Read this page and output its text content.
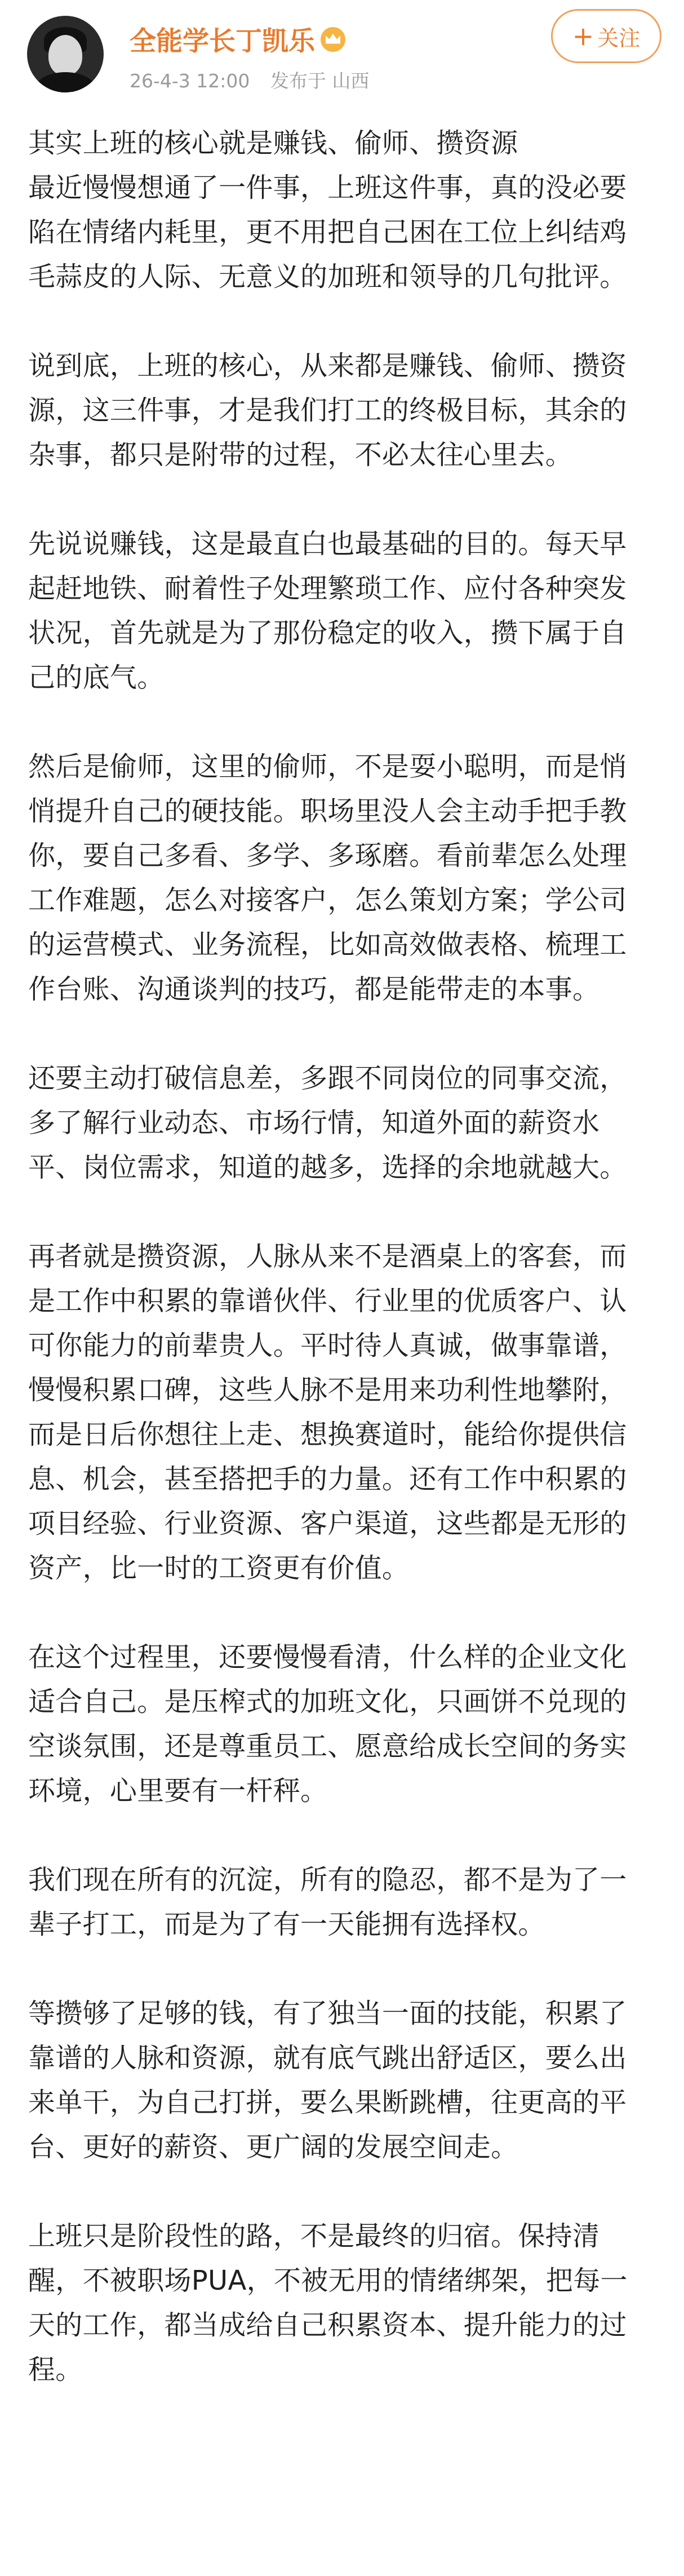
全能学长丁凯乐
26-4-3 12:00 发布于 山西
+ 关注

其实上班的核心就是赚钱、偷师、攒资源

最近慢慢想通了一件事，上班这件事，真的没必要陷在情绪内耗里，更不用把自己困在工位上纠结鸡毛蒜皮的人际、无意义的加班和领导的几句批评。

说到底，上班的核心，从来都是赚钱、偷师、攒资源，这三件事，才是我们打工的终极目标，其余的杂事，都只是附带的过程，不必太往心里去。

先说说赚钱，这是最直白也最基础的目的。每天早起赶地铁、耐着性子处理繁琐工作、应付各种突发状况，首先就是为了那份稳定的收入，攒下属于自己的底气。

然后是偷师，这里的偷师，不是耍小聪明，而是悄悄提升自己的硬技能。职场里没人会主动手把手教你，要自己多看、多学、多琢磨。看前辈怎么处理工作难题，怎么对接客户，怎么策划方案；学公司的运营模式、业务流程，比如高效做表格、梳理工作台账、沟通谈判的技巧，都是能带走的本事。

还要主动打破信息差，多跟不同岗位的同事交流，多了解行业动态、市场行情，知道外面的薪资水平、岗位需求，知道的越多，选择的余地就越大。

再者就是攒资源，人脉从来不是酒桌上的客套，而是工作中积累的靠谱伙伴、行业里的优质客户、认可你能力的前辈贵人。平时待人真诚，做事靠谱，慢慢积累口碑，这些人脉不是用来功利性地攀附，而是日后你想往上走、想换赛道时，能给你提供信息、机会，甚至搭把手的力量。还有工作中积累的项目经验、行业资源、客户渠道，这些都是无形的资产，比一时的工资更有价值。

在这个过程里，还要慢慢看清，什么样的企业文化适合自己。是压榨式的加班文化，只画饼不兑现的空谈氛围，还是尊重员工、愿意给成长空间的务实环境，心里要有一杆秤。

我们现在所有的沉淀，所有的隐忍，都不是为了一辈子打工，而是为了有一天能拥有选择权。

等攒够了足够的钱，有了独当一面的技能，积累了靠谱的人脉和资源，就有底气跳出舒适区，要么出来单干，为自己打拼，要么果断跳槽，往更高的平台、更好的薪资、更广阔的发展空间走。

上班只是阶段性的路，不是最终的归宿。保持清醒，不被职场PUA，不被无用的情绪绑架，把每一天的工作，都当成给自己积累资本、提升能力的过程。
